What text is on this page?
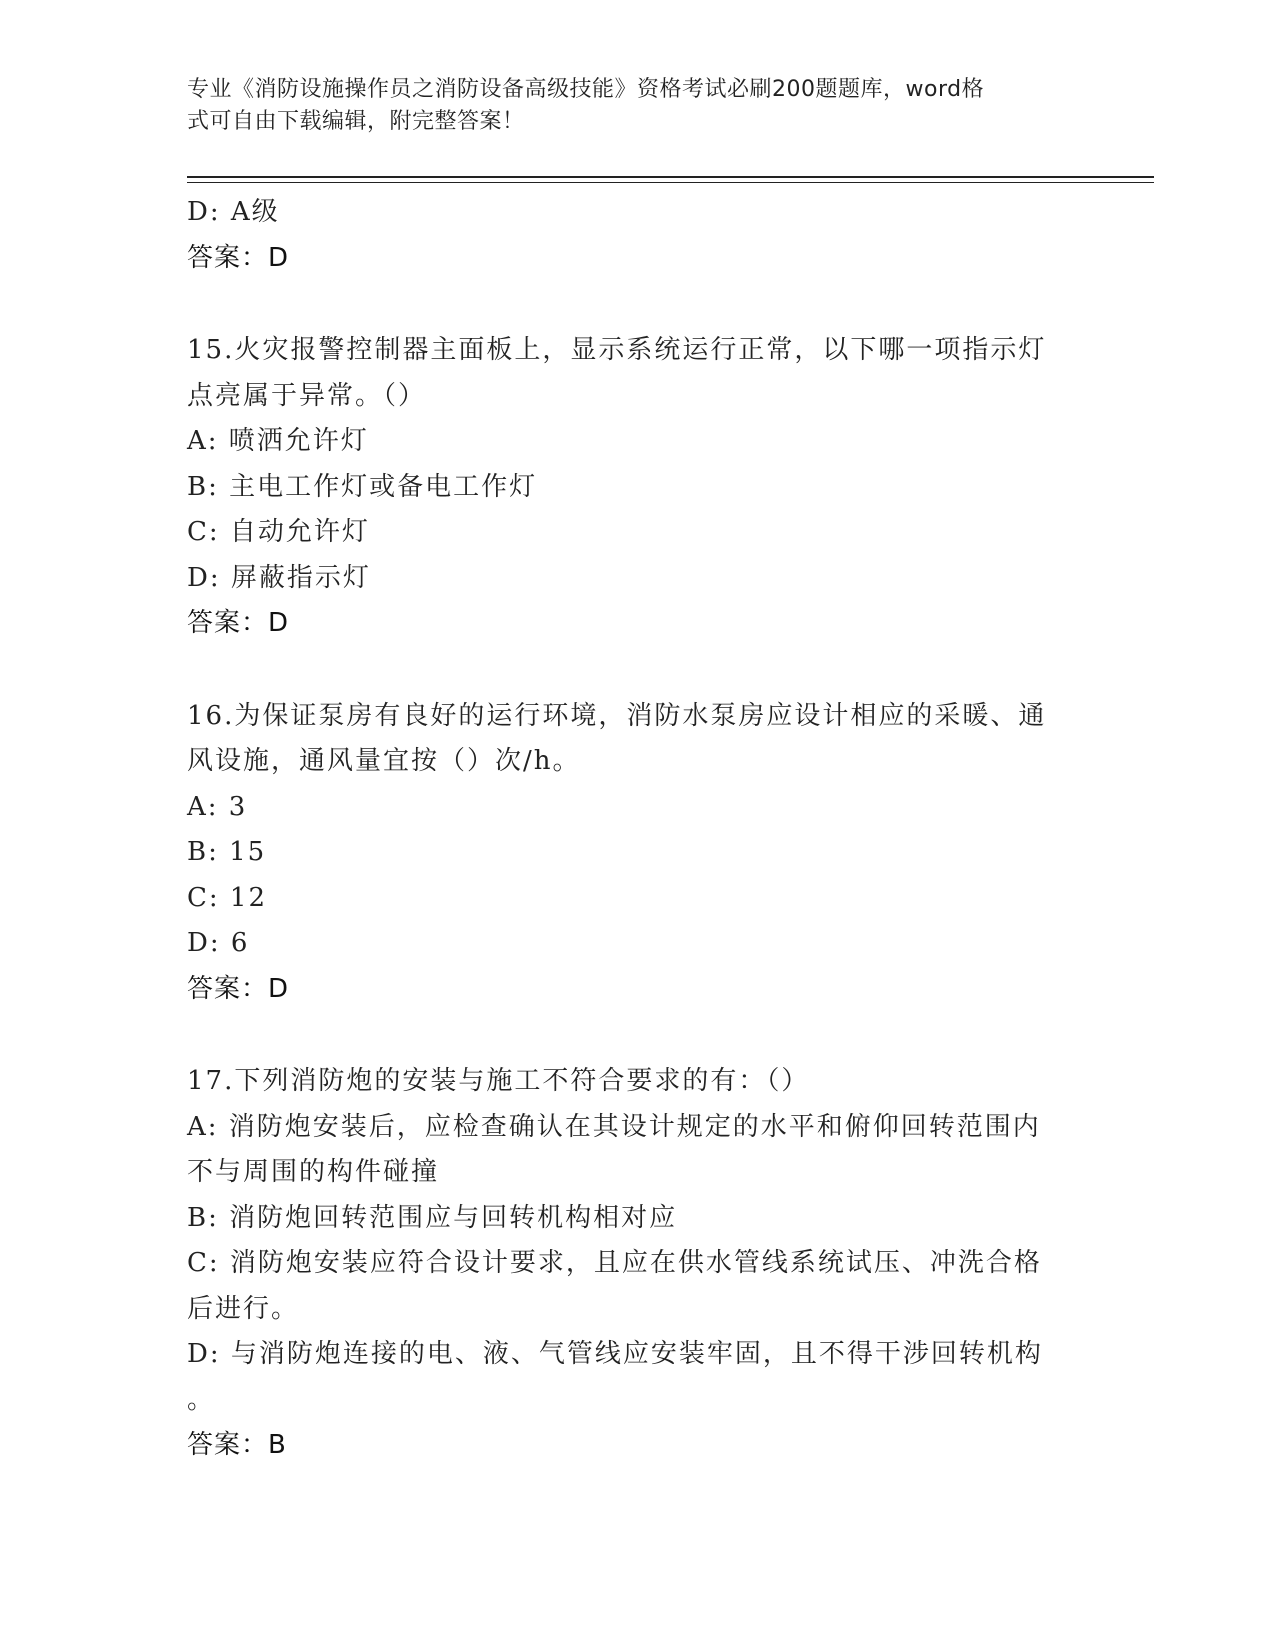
专业《消防设施操作员之消防设备高级技能》资格考试必刷200题题库，word格
式可自由下载编辑，附完整答案！
D: A级
答案：D
15.火灾报警控制器主面板上，显示系统运行正常，以下哪一项指示灯
点亮属于异常。（）
A: 喷洒允许灯
B: 主电工作灯或备电工作灯
C: 自动允许灯
D: 屏蔽指示灯
答案：D
16.为保证泵房有良好的运行环境，消防水泵房应设计相应的采暖、通
风设施，通风量宜按（）次/h。
A: 3
B: 15
C: 12
D: 6
答案：D
17.下列消防炮的安装与施工不符合要求的有：（）
A: 消防炮安装后，应检查确认在其设计规定的水平和俯仰回转范围内
不与周围的构件碰撞
B: 消防炮回转范围应与回转机构相对应
C: 消防炮安装应符合设计要求，且应在供水管线系统试压、冲洗合格
后进行。
D: 与消防炮连接的电、液、气管线应安装牢固，且不得干涉回转机构
。
答案：B
